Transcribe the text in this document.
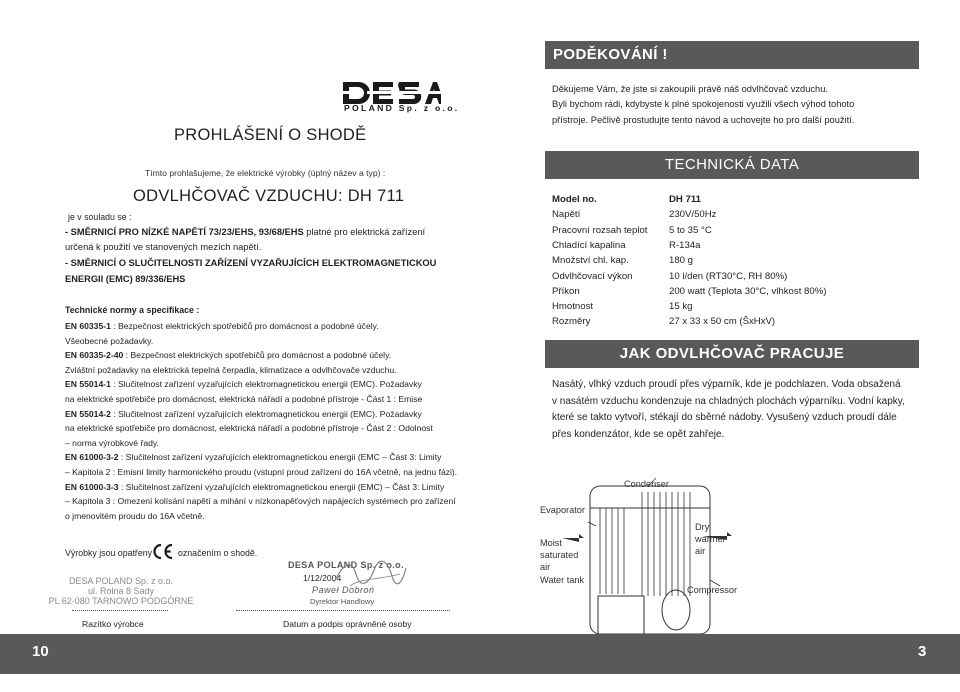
POLAND Sp. z o.o.
PROHLÁŠENÍ O SHODĚ
Tímto prohlašujeme, že elektrické výrobky (úplný název a typ) :
ODVLHČOVAČ VZDUCHU: DH 711
je v souladu se :
- SMĚRNICÍ PRO NÍZKÉ NAPĚTÍ 73/23/EHS, 93/68/EHS platné pro elektrická zařízení
určená k použití ve stanovených mezích napětí.
- SMĚRNICÍ O SLUČITELNOSTI ZAŘÍZENÍ VYZAŘUJÍCÍCH ELEKTROMAGNETICKOU
ENERGII (EMC) 89/336/EHS
Technické normy a specifikace :
EN 60335-1 : Bezpečnost elektrických spotřebičů pro domácnost a podobné účely.
Všeobecné požadavky.
EN 60335-2-40 : Bezpečnost elektrických spotřebičů pro domácnost a podobné účely.
Zvláštní požadavky na elektrická tepelná čerpadla, klimatizace a odvlhčovače vzduchu.
EN 55014-1 : Slučitelnost zařízení vyzařujících elektromagnetickou energii (EMC). Požadavky
na elektrické spotřebiče pro domácnost, elektrická nářadí a podobné přístroje - Část 1 : Emise
EN 55014-2 : Slučitelnost zařízení vyzařujících elektromagnetickou energii (EMC). Požadavky
na elektrické spotřebiče pro domácnost, elektrická nářadí a podobné přístroje - Část 2 : Odolnost
– norma výrobkové řady.
EN 61000-3-2 : Slučitelnost zařízení vyzařujících elektromagnetickou energii (EMC – Část 3: Limity
– Kapitola 2 : Emisní limity harmonického proudu (vstupní proud zařízení do 16A včetně, na jednu fázi).
EN 61000-3-3 : Slučitelnost zařízení vyzařujících elektromagnetickou energii (EMC) – Část 3: Limity
– Kapitola 3 : Omezení kolísání napětí a mihání v nízkonapěťových napájecích systémech pro zařízení
o jmenovitém proudu do 16A včetně.
Výrobky jsou opatřeny	označením o shodě.
DESA POLAND Sp. z o.o.
ul. Rolna 8 Sady
PL 62-080 TARNOWO PODGÓRNE
Razítko výrobce
DESA POLAND Sp. z o.o.
1/12/2004
Paweł Dobroń
Dyrektor Handlowy
Datum a podpis oprávněné osoby
PODĚKOVÁNÍ !
Děkujeme Vám, že jste si zakoupili právě náš odvlhčovač vzduchu.
Byli bychom rádi, kdybyste k plné spokojenosti využili všech výhod tohoto
přístroje. Pečlivě prostudujte tento návod a uchovejte ho pro další použití.
TECHNICKÁ DATA
Model no.	DH 711
Napětí	230V/50Hz
Pracovní rozsah teplot 5 to 35 °C
Chladící kapalina	R-134a
Množství chl. kap.	180 g
Odvlhčovací výkon	10 l/den (RT30°C, RH 80%)
Příkon	200 watt (Teplota 30°C, vlhkost 80%)
Hmotnost	15 kg
Rozměry	27 x 33 x 50 cm (ŠxHxV)
JAK ODVLHČOVAČ PRACUJE
Nasátý, vlhký vzduch proudí přes výparník, kde je podchlazen. Voda obsažená
v nasátém vzduchu kondenzuje na chladných plochách výparníku. Vodní kapky,
které se takto vytvoří, stékají do sběrné nádoby. Vysušený vzduch proudí dále
přes kondenzátor, kde se opět zahřeje.
Condenser
Evaporator
Moist
saturated
air
Water tank
Dry
warmer
air
Compressor
10	3
